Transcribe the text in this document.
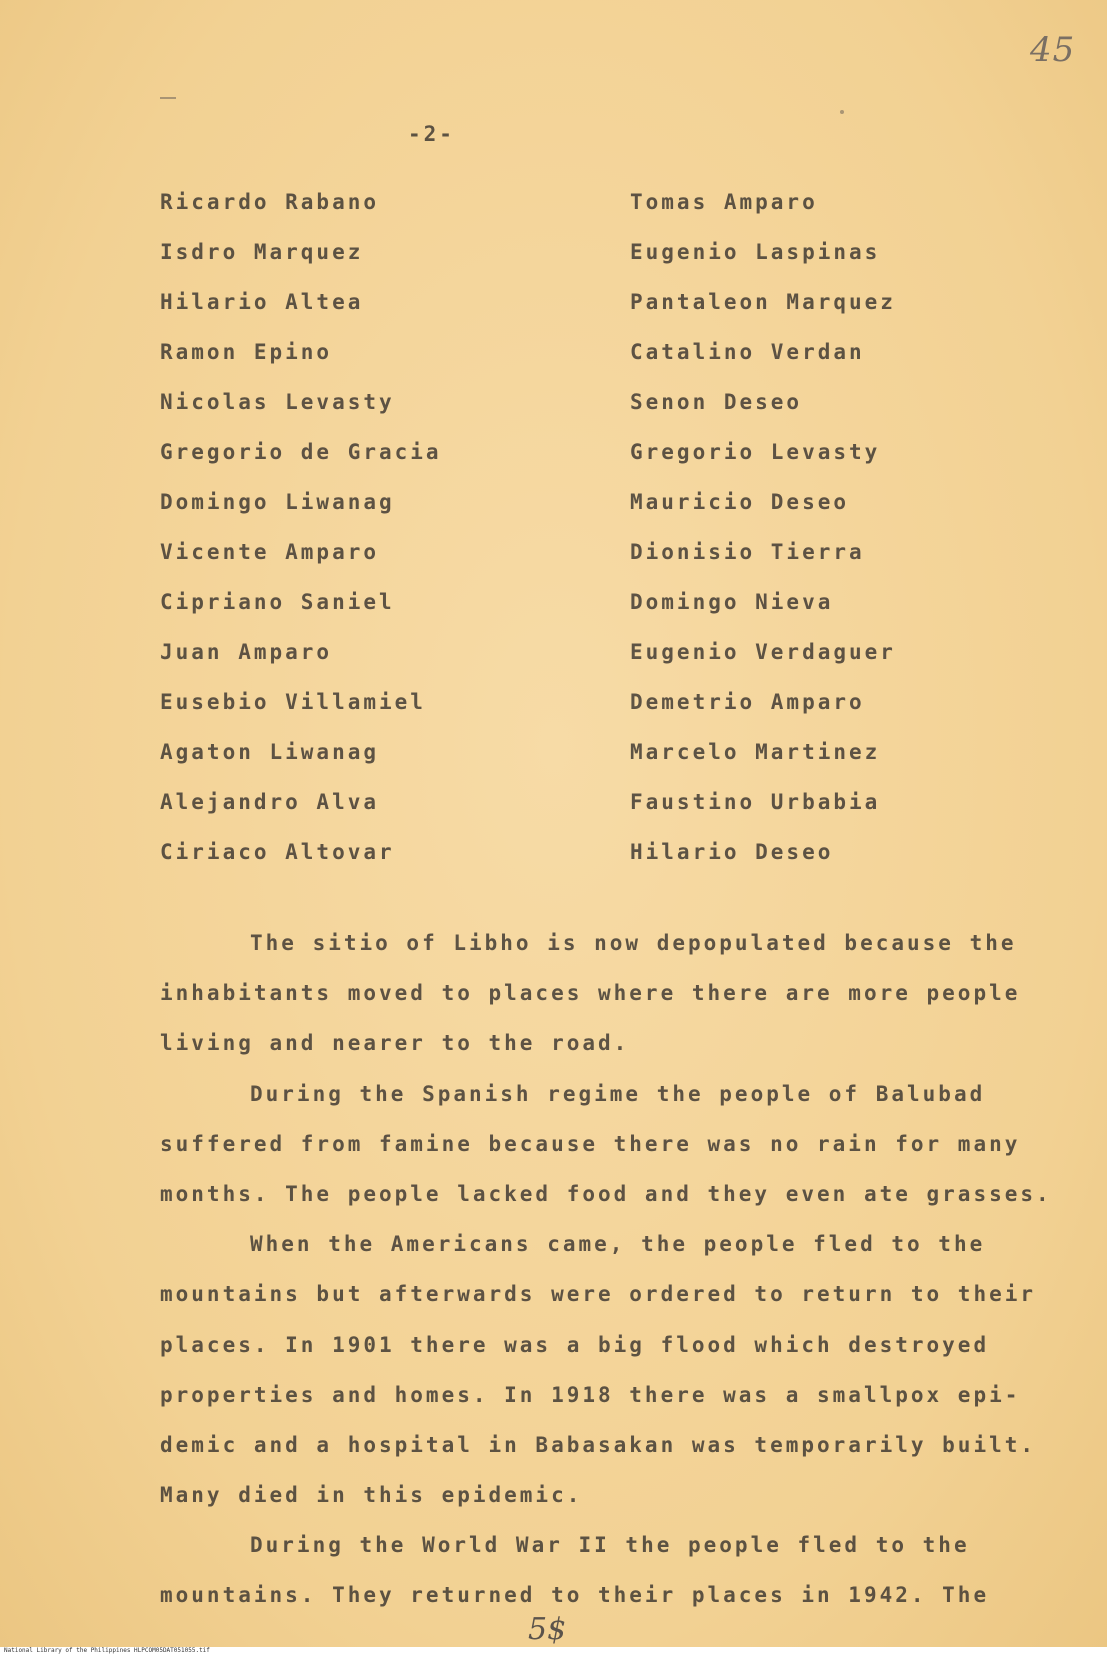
45
-2-
Ricardo Rabano
Isdro Marquez
Hilario Altea
Ramon Epino
Nicolas Levasty
Gregorio de Gracia
Domingo Liwanag
Vicente Amparo
Cipriano Saniel
Juan Amparo
Eusebio Villamiel
Agaton Liwanag
Alejandro Alva
Ciriaco Altovar
Tomas Amparo
Eugenio Laspinas
Pantaleon Marquez
Catalino Verdan
Senon Deseo
Gregorio Levasty
Mauricio Deseo
Dionisio Tierra
Domingo Nieva
Eugenio Verdaguer
Demetrio Amparo
Marcelo Martinez
Faustino Urbabia
Hilario Deseo
The sitio of Libho is now depopulated because the
inhabitants moved to places where there are more people
living and nearer to the road.
During the Spanish regime the people of Balubad
suffered from famine because there was no rain for many
months. The people lacked food and they even ate grasses.
When the Americans came, the people fled to the
mountains but afterwards were ordered to return to their
places. In 1901 there was a big flood which destroyed
properties and homes. In 1918 there was a smallpox epi-
demic and a hospital in Babasakan was temporarily built.
Many died in this epidemic.
During the World War II the people fled to the
mountains. They returned to their places in 1942. The
5$
National Library of the Philippines HLPCOM05DAT051055.tif
